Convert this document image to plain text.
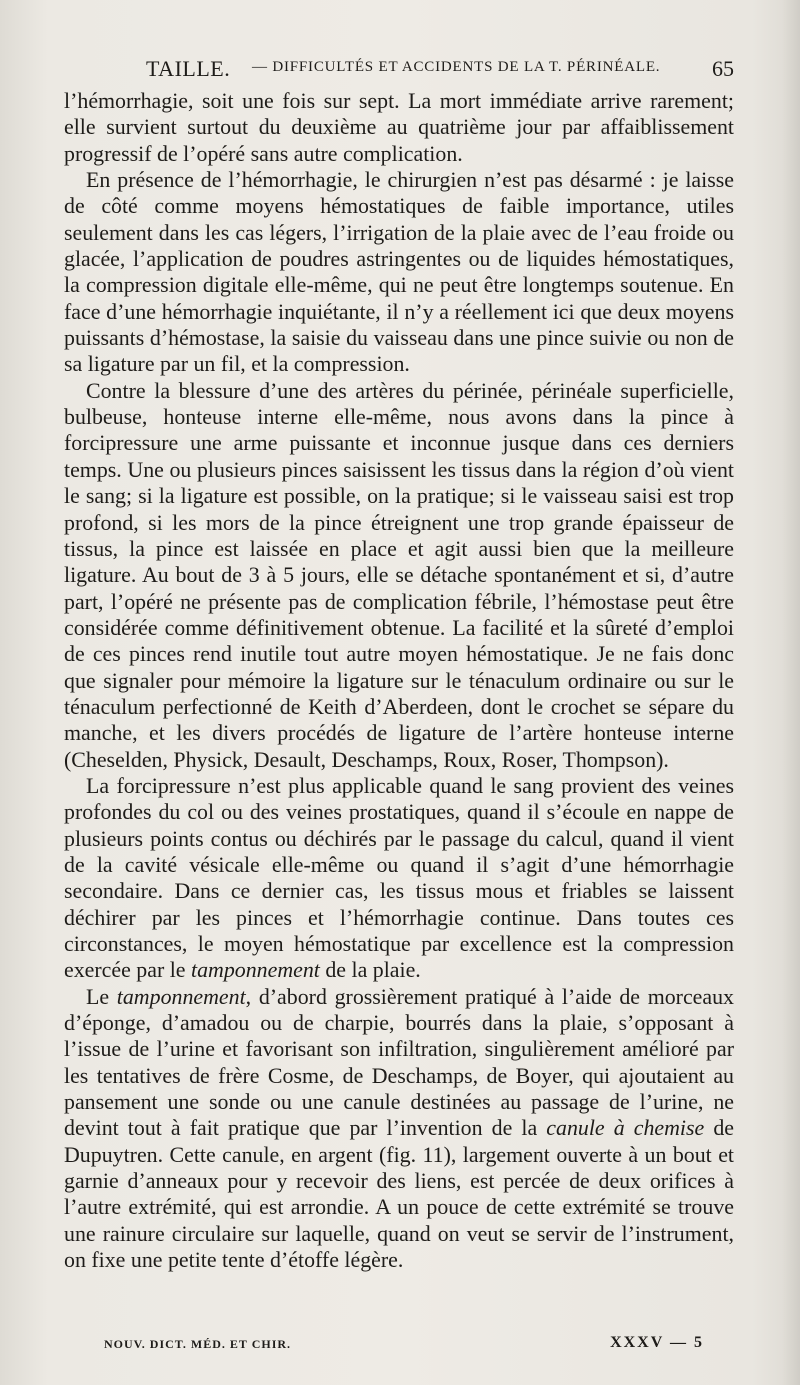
TAILLE. — DIFFICULTÉS ET ACCIDENTS DE LA T. PÉRINÉALE. 65

l’hémorrhagie, soit une fois sur sept. La mort immédiate arrive rarement; elle survient surtout du deuxième au quatrième jour par affaiblissement progressif de l’opéré sans autre complication.

En présence de l’hémorrhagie, le chirurgien n’est pas désarmé : je laisse de côté comme moyens hémostatiques de faible importance, utiles seulement dans les cas légers, l’irrigation de la plaie avec de l’eau froide ou glacée, l’application de poudres astringentes ou de liquides hémostatiques, la compression digitale elle-même, qui ne peut être longtemps soutenue. En face d’une hémorrhagie inquiétante, il n’y a réellement ici que deux moyens puissants d’hémostase, la saisie du vaisseau dans une pince suivie ou non de sa ligature par un fil, et la compression.

Contre la blessure d’une des artères du périnée, périnéale superficielle, bulbeuse, honteuse interne elle-même, nous avons dans la pince à forcipressure une arme puissante et inconnue jusque dans ces derniers temps. Une ou plusieurs pinces saisissent les tissus dans la région d’où vient le sang; si la ligature est possible, on la pratique; si le vaisseau saisi est trop profond, si les mors de la pince étreignent une trop grande épaisseur de tissus, la pince est laissée en place et agit aussi bien que la meilleure ligature. Au bout de 3 à 5 jours, elle se détache spontanément et si, d’autre part, l’opéré ne présente pas de complication fébrile, l’hémostase peut être considérée comme définitivement obtenue. La facilité et la sûreté d’emploi de ces pinces rend inutile tout autre moyen hémostatique. Je ne fais donc que signaler pour mémoire la ligature sur le ténaculum ordinaire ou sur le ténaculum perfectionné de Keith d’Aberdeen, dont le crochet se sépare du manche, et les divers procédés de ligature de l’artère honteuse interne (Cheselden, Physick, Desault, Deschamps, Roux, Roser, Thompson).

La forcipressure n’est plus applicable quand le sang provient des veines profondes du col ou des veines prostatiques, quand il s’écoule en nappe de plusieurs points contus ou déchirés par le passage du calcul, quand il vient de la cavité vésicale elle-même ou quand il s’agit d’une hémorrhagie secondaire. Dans ce dernier cas, les tissus mous et friables se laissent déchirer par les pinces et l’hémorrhagie continue. Dans toutes ces circonstances, le moyen hémostatique par excellence est la compression exercée par le tamponnement de la plaie.

Le tamponnement, d’abord grossièrement pratiqué à l’aide de morceaux d’éponge, d’amadou ou de charpie, bourrés dans la plaie, s’opposant à l’issue de l’urine et favorisant son infiltration, singulièrement amélioré par les tentatives de frère Cosme, de Deschamps, de Boyer, qui ajoutaient au pansement une sonde ou une canule destinées au passage de l’urine, ne devint tout à fait pratique que par l’invention de la canule à chemise de Dupuytren. Cette canule, en argent (fig. 11), largement ouverte à un bout et garnie d’anneaux pour y recevoir des liens, est percée de deux orifices à l’autre extrémité, qui est arrondie. A un pouce de cette extrémité se trouve une rainure circulaire sur laquelle, quand on veut se servir de l’instrument, on fixe une petite tente d’étoffe légère.

NOUV. DICT. MÉD. ET CHIR.	XXXV — 5
